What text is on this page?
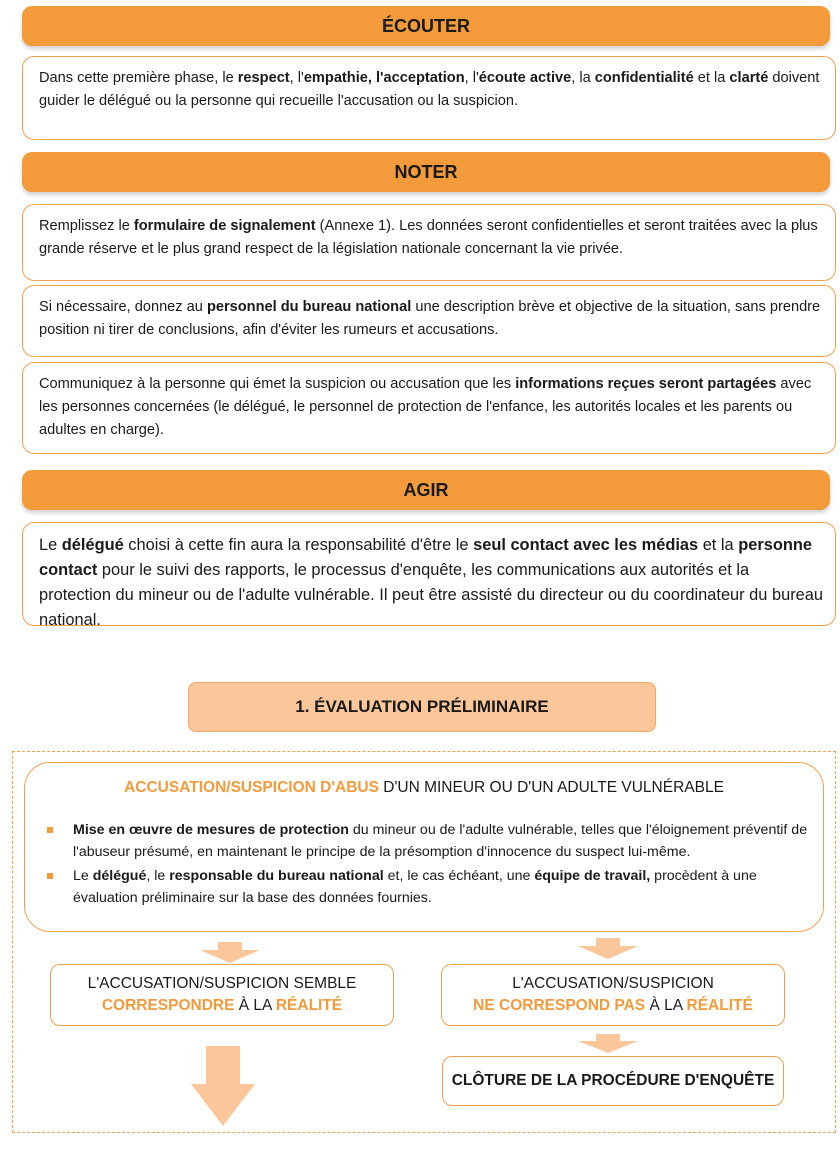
ÉCOUTER
Dans cette première phase, le respect, l'empathie, l'acceptation, l'écoute active, la confidentialité et la clarté doivent guider le délégué ou la personne qui recueille l'accusation ou la suspicion.
NOTER
Remplissez le formulaire de signalement (Annexe 1). Les données seront confidentielles et seront traitées avec la plus grande réserve et le plus grand respect de la législation nationale concernant la vie privée.
Si nécessaire, donnez au personnel du bureau national une description brève et objective de la situation, sans prendre position ni tirer de conclusions, afin d'éviter les rumeurs et accusations.
Communiquez à la personne qui émet la suspicion ou accusation que les informations reçues seront partagées avec les personnes concernées (le délégué, le personnel de protection de l'enfance, les autorités locales et les parents ou adultes en charge).
AGIR
Le délégué choisi à cette fin aura la responsabilité d'être le seul contact avec les médias et la personne contact pour le suivi des rapports, le processus d'enquête, les communications aux autorités et la protection du mineur ou de l'adulte vulnérable. Il peut être assisté du directeur ou du coordinateur du bureau national.
1. ÉVALUATION PRÉLIMINAIRE
ACCUSATION/SUSPICION D'ABUS D'UN MINEUR OU D'UN ADULTE VULNÉRABLE
Mise en œuvre de mesures de protection du mineur ou de l'adulte vulnérable, telles que l'éloignement préventif de l'abuseur présumé, en maintenant le principe de la présomption d'innocence du suspect lui-même.
Le délégué, le responsable du bureau national et, le cas échéant, une équipe de travail, procèdent à une évaluation préliminaire sur la base des données fournies.
L'ACCUSATION/SUSPICION SEMBLE
CORRESPONDRE À LA RÉALITÉ
L'ACCUSATION/SUSPICION
NE CORRESPOND PAS À LA RÉALITÉ
CLÔTURE DE LA PROCÉDURE D'ENQUÊTE
